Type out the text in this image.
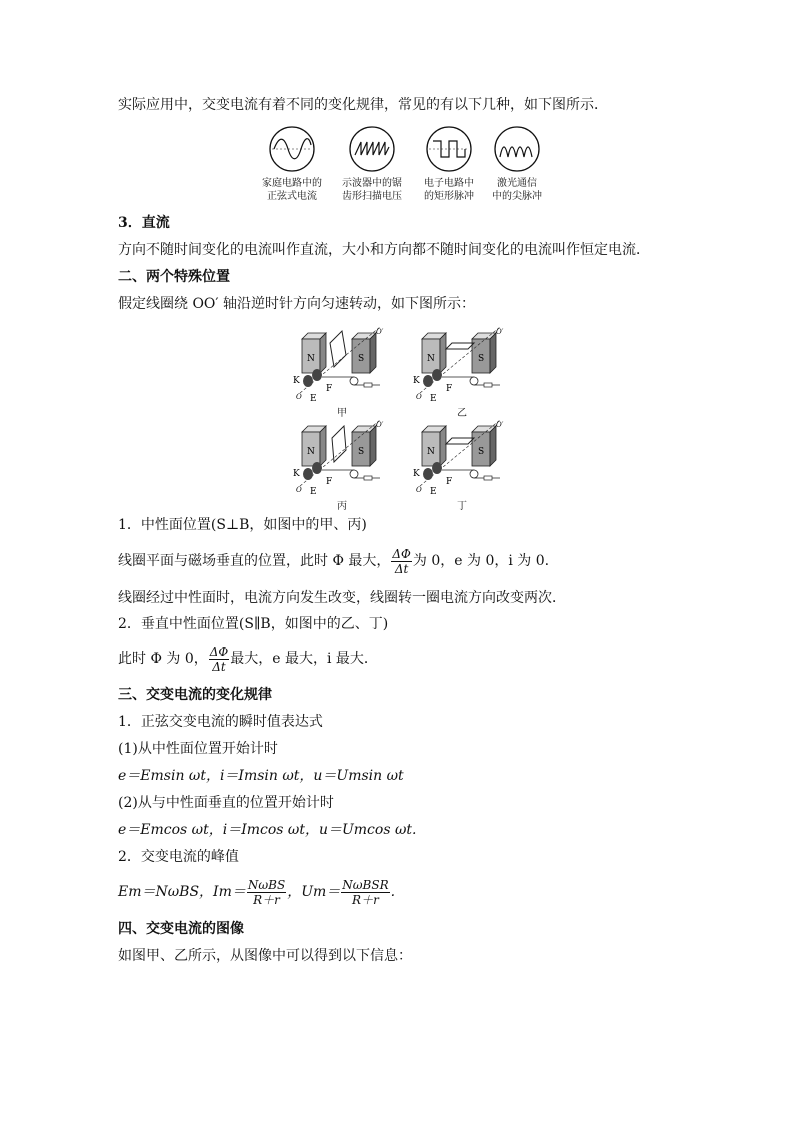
实际应用中，交变电流有着不同的变化规律，常见的有以下几种，如下图所示．
家庭电路中的
正弦式电流
示波器中的锯
齿形扫描电压
电子电路中
的矩形脉冲
激光通信
中的尖脉冲
3．直流
方向不随时间变化的电流叫作直流，大小和方向都不随时间变化的电流叫作恒定电流．
二、两个特殊位置
假定线圈绕 OO′ 轴沿逆时针方向匀速转动，如下图所示：
N	S
K
E
F
O
O′
甲
N	S
K
E
F
O
O′
乙
N	S
K
E
F
O
O′
丙
N	S
K
E
F
O
O′
丁
1．中性面位置(S⊥B，如图中的甲、丙)
线圈平面与磁场垂直的位置，此时 Φ 最大， $\frac{\Delta\Phi}{\Delta t}$ 为 0，e 为 0，i 为 0.
线圈经过中性面时，电流方向发生改变，线圈转一圈电流方向改变两次．
2．垂直中性面位置(S∥B，如图中的乙、丁)
此时 Φ 为 0， $\frac{\Delta\Phi}{\Delta t}$ 最大，e 最大，i 最大．
三、交变电流的变化规律
1．正弦交变电流的瞬时值表达式
(1)从中性面位置开始计时
e＝Emsin ωt，i＝Imsin ωt，u＝Umsin ωt
(2)从与中性面垂直的位置开始计时
e＝Emcos ωt，i＝Imcos ωt，u＝Umcos ωt.
2．交变电流的峰值
Em＝NωBS，$Im= \frac{\text{NωBS}}{R+r}$ ，$Um= \frac{\text{NωBSR}}{R+r}$ .
四、交变电流的图像
如图甲、乙所示，从图像中可以得到以下信息：
